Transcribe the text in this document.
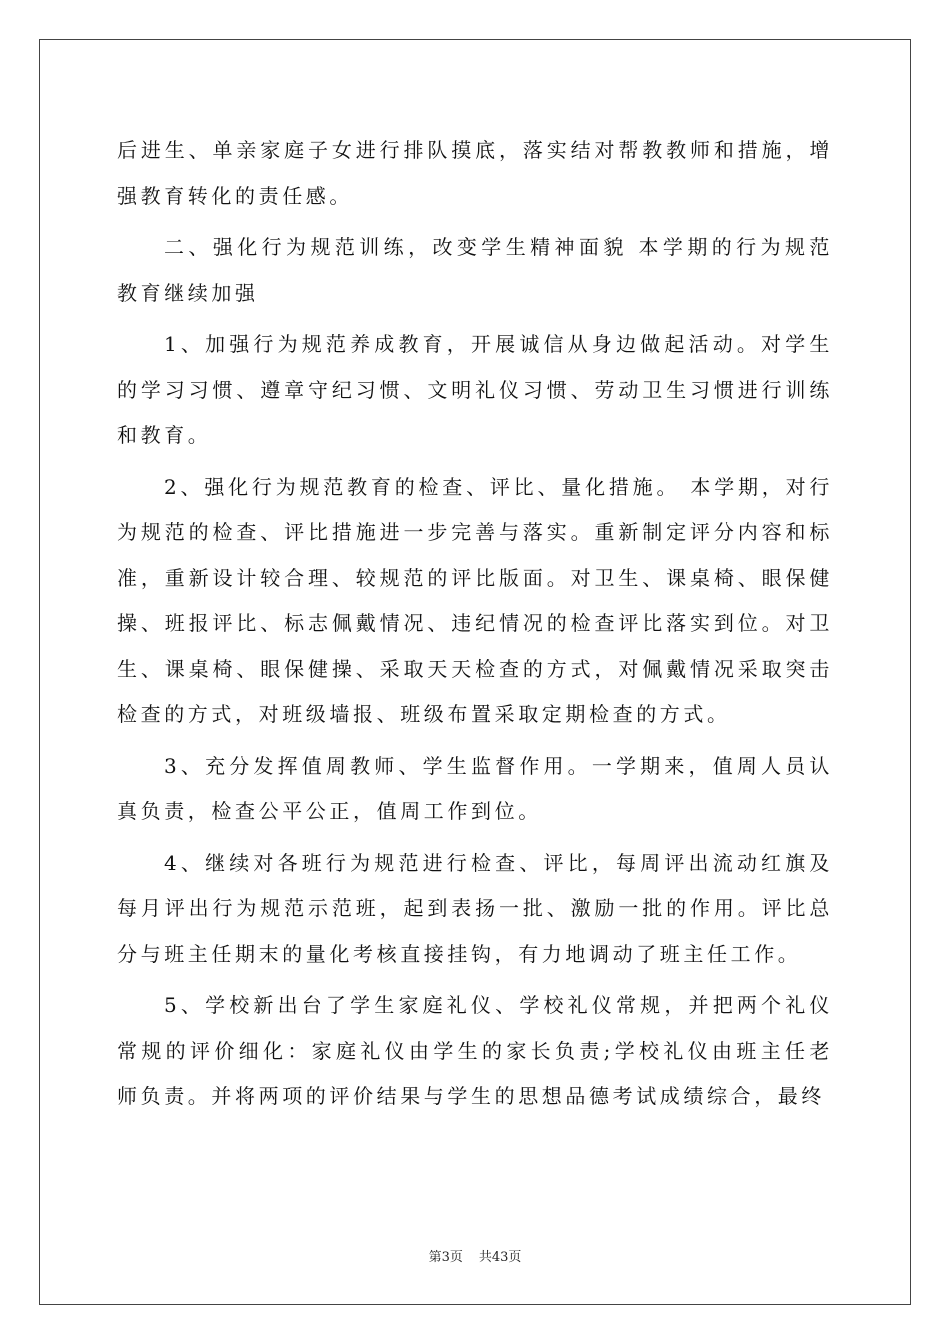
后进生、单亲家庭子女进行排队摸底，落实结对帮教教师和措施，增强教育转化的责任感。

二、强化行为规范训练，改变学生精神面貌 本学期的行为规范教育继续加强

1、加强行为规范养成教育，开展诚信从身边做起活动。对学生的学习习惯、遵章守纪习惯、文明礼仪习惯、劳动卫生习惯进行训练和教育。

2、强化行为规范教育的检查、评比、量化措施。 本学期，对行为规范的检查、评比措施进一步完善与落实。重新制定评分内容和标准，重新设计较合理、较规范的评比版面。对卫生、课桌椅、眼保健操、班报评比、标志佩戴情况、违纪情况的检查评比落实到位。对卫生、课桌椅、眼保健操、采取天天检查的方式，对佩戴情况采取突击检查的方式，对班级墙报、班级布置采取定期检查的方式。

3、充分发挥值周教师、学生监督作用。一学期来，值周人员认真负责，检查公平公正，值周工作到位。

4、继续对各班行为规范进行检查、评比，每周评出流动红旗及每月评出行为规范示范班，起到表扬一批、激励一批的作用。评比总分与班主任期末的量化考核直接挂钩，有力地调动了班主任工作。

5、学校新出台了学生家庭礼仪、学校礼仪常规，并把两个礼仪常规的评价细化：家庭礼仪由学生的家长负责;学校礼仪由班主任老师负责。并将两项的评价结果与学生的思想品德考试成绩综合，最终

第3页 共43页
